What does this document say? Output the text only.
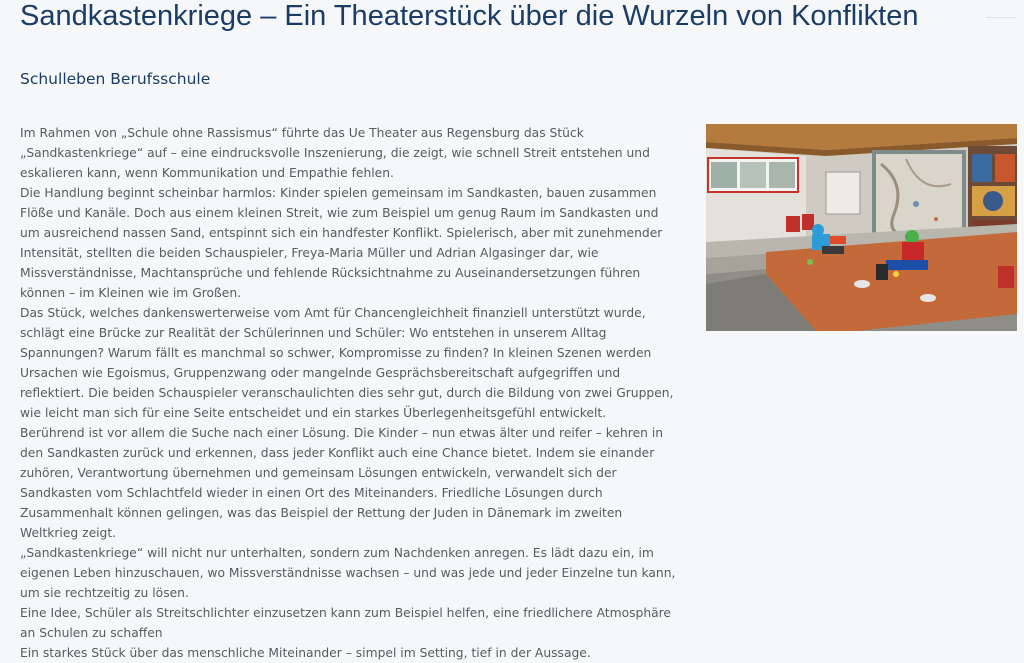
Sandkastenkriege – Ein Theaterstück über die Wurzeln von Konflikten
Schulleben Berufsschule

Im Rahmen von „Schule ohne Rassismus“ führte das Ue Theater aus Regensburg das Stück „Sandkastenkriege“ auf – eine eindrucksvolle Inszenierung, die zeigt, wie schnell Streit entstehen und eskalieren kann, wenn Kommunikation und Empathie fehlen.

Die Handlung beginnt scheinbar harmlos: Kinder spielen gemeinsam im Sandkasten, bauen zusammen Flöße und Kanäle. Doch aus einem kleinen Streit, wie zum Beispiel um genug Raum im Sandkasten und um ausreichend nassen Sand, entspinnt sich ein handfester Konflikt. Spielerisch, aber mit zunehmender Intensität, stellten die beiden Schauspieler, Freya-Maria Müller und Adrian Algasinger dar, wie Missverständnisse, Machtansprüche und fehlende Rücksichtnahme zu Auseinandersetzungen führen können – im Kleinen wie im Großen.

Das Stück, welches dankenswerterweise vom Amt für Chancengleichheit finanziell unterstützt wurde, schlägt eine Brücke zur Realität der Schülerinnen und Schüler: Wo entstehen in unserem Alltag Spannungen? Warum fällt es manchmal so schwer, Kompromisse zu finden? In kleinen Szenen werden Ursachen wie Egoismus, Gruppenzwang oder mangelnde Gesprächsbereitschaft aufgegriffen und reflektiert. Die beiden Schauspieler veranschaulichten dies sehr gut, durch die Bildung von zwei Gruppen, wie leicht man sich für eine Seite entscheidet und ein starkes Überlegenheitsgefühl entwickelt.

Berührend ist vor allem die Suche nach einer Lösung. Die Kinder – nun etwas älter und reifer – kehren in den Sandkasten zurück und erkennen, dass jeder Konflikt auch eine Chance bietet. Indem sie einander zuhören, Verantwortung übernehmen und gemeinsam Lösungen entwickeln, verwandelt sich der Sandkasten vom Schlachtfeld wieder in einen Ort des Miteinanders. Friedliche Lösungen durch Zusammenhalt können gelingen, was das Beispiel der Rettung der Juden in Dänemark im zweiten Weltkrieg zeigt.

„Sandkastenkriege“ will nicht nur unterhalten, sondern zum Nachdenken anregen. Es lädt dazu ein, im eigenen Leben hinzuschauen, wo Missverständnisse wachsen – und was jede und jeder Einzelne tun kann, um sie rechtzeitig zu lösen.

Eine Idee, Schüler als Streitschlichter einzusetzen kann zum Beispiel helfen, eine friedlichere Atmosphäre an Schulen zu schaffen

Ein starkes Stück über das menschliche Miteinander – simpel im Setting, tief in der Aussage.
